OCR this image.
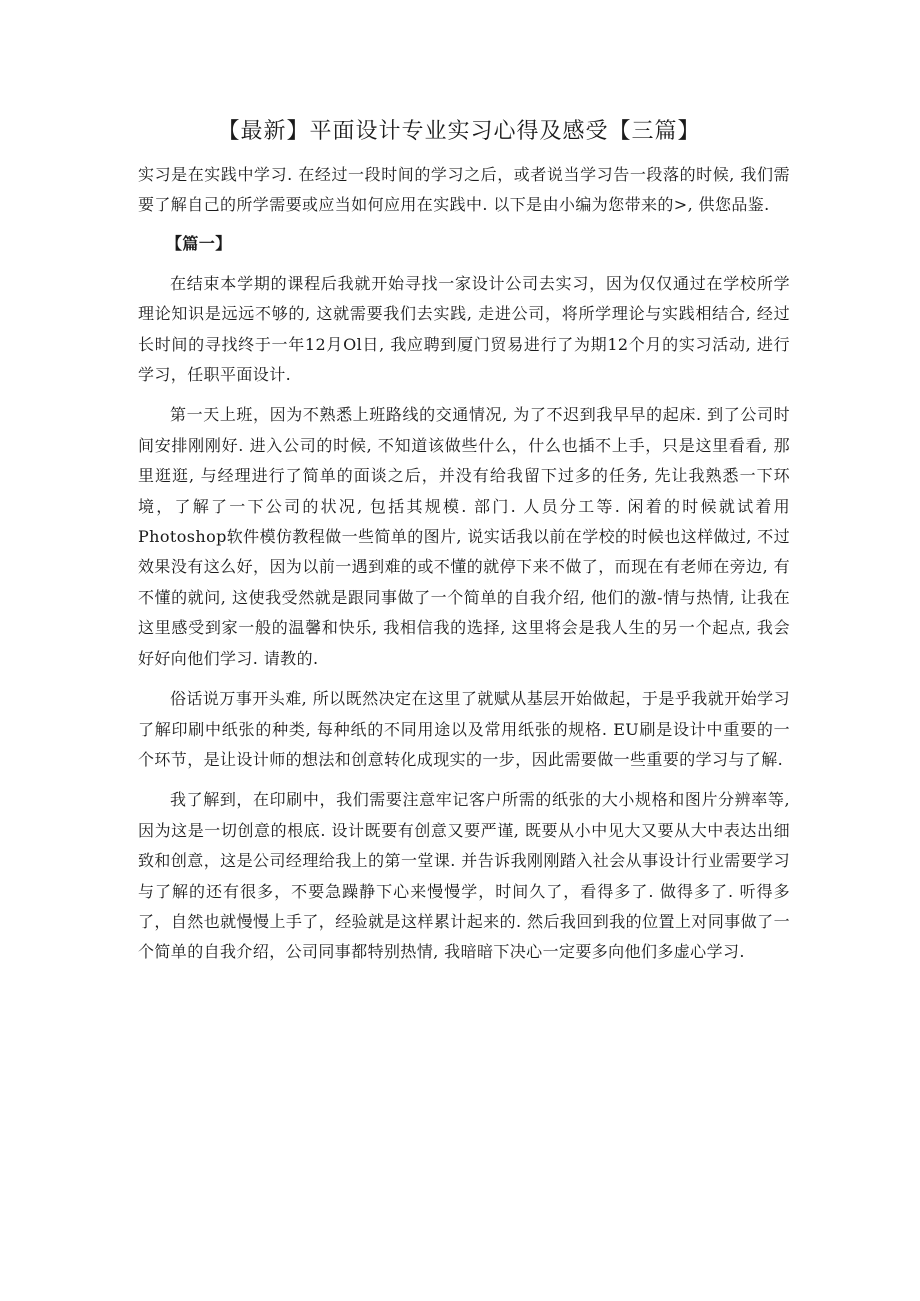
【最新】平面设计专业实习心得及感受【三篇】

实习是在实践中学习. 在经过一段时间的学习之后，或者说当学习告一段落的时候, 我们需要了解自己的所学需要或应当如何应用在实践中. 以下是由小编为您带来的>, 供您品鉴.

【篇一】

在结束本学期的课程后我就开始寻找一家设计公司去实习，因为仅仅通过在学校所学理论知识是远远不够的, 这就需要我们去实践, 走进公司，将所学理论与实践相结合, 经过长时间的寻找终于一年12月Ol日, 我应聘到厦门贸易进行了为期12个月的实习活动, 进行学习，任职平面设计.

第一天上班，因为不熟悉上班路线的交通情况, 为了不迟到我早早的起床. 到了公司时间安排刚刚好. 进入公司的时候, 不知道该做些什么，什么也插不上手，只是这里看看, 那里逛逛, 与经理进行了简单的面谈之后，并没有给我留下过多的任务, 先让我熟悉一下环境，了解了一下公司的状况, 包括其规模. 部门. 人员分工等. 闲着的时候就试着用Photoshop软件模仿教程做一些简单的图片, 说实话我以前在学校的时候也这样做过, 不过效果没有这么好，因为以前一遇到难的或不懂的就停下来不做了，而现在有老师在旁边, 有不懂的就问, 这使我受然就是跟同事做了一个简单的自我介绍, 他们的激-情与热情, 让我在这里感受到家一般的温馨和快乐, 我相信我的选择, 这里将会是我人生的另一个起点, 我会好好向他们学习. 请教的.

俗话说万事开头难, 所以既然决定在这里了就赋从基层开始做起，于是乎我就开始学习了解印刷中纸张的种类, 每种纸的不同用途以及常用纸张的规格. EU刷是设计中重要的一个环节，是让设计师的想法和创意转化成现实的一步，因此需要做一些重要的学习与了解.

我了解到，在印刷中，我们需要注意牢记客户所需的纸张的大小规格和图片分辨率等, 因为这是一切创意的根底. 设计既要有创意又要严谨, 既要从小中见大又要从大中表达出细致和创意，这是公司经理给我上的第一堂课. 并告诉我刚刚踏入社会从事设计行业需要学习与了解的还有很多，不要急躁静下心来慢慢学，时间久了，看得多了. 做得多了. 听得多了，自然也就慢慢上手了，经验就是这样累计起来的. 然后我回到我的位置上对同事做了一个简单的自我介绍，公司同事都特别热情, 我暗暗下决心一定要多向他们多虚心学习.
